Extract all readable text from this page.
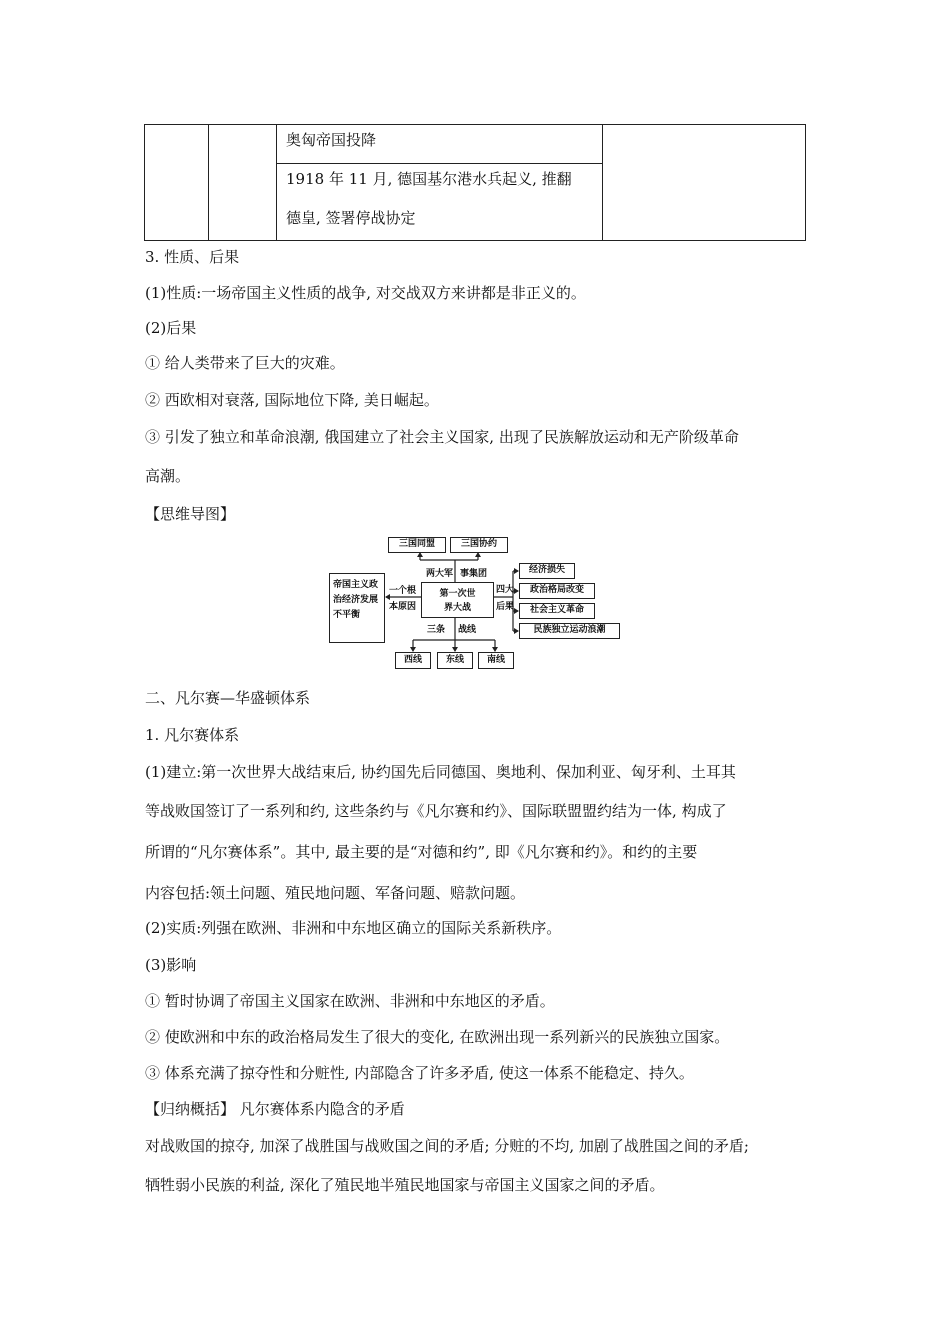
奥匈帝国投降
1918 年 11 月, 德国基尔港水兵起义, 推翻
德皇, 签署停战协定
3. 性质、后果
(1)性质:一场帝国主义性质的战争, 对交战双方来讲都是非正义的。
(2)后果
① 给人类带来了巨大的灾难。
② 西欧相对衰落, 国际地位下降, 美日崛起。
③ 引发了独立和革命浪潮, 俄国建立了社会主义国家, 出现了民族解放运动和无产阶级革命
高潮。
【思维导图】
三国同盟	三国协约
帝国主义政治经济发展不平衡
第一次世
界大战
两大军 事集团
一个根
本原因
四大
后果
三条 战线
经济损失
政治格局改变
社会主义革命
民族独立运动浪潮
西线	东线	南线
二、凡尔赛—华盛顿体系
1. 凡尔赛体系
(1)建立:第一次世界大战结束后, 协约国先后同德国、奥地利、保加利亚、匈牙利、土耳其
等战败国签订了一系列和约, 这些条约与《凡尔赛和约》、国际联盟盟约结为一体, 构成了
所谓的“凡尔赛体系”。其中, 最主要的是“对德和约”, 即《凡尔赛和约》。和约的主要
内容包括:领土问题、殖民地问题、军备问题、赔款问题。
(2)实质:列强在欧洲、非洲和中东地区确立的国际关系新秩序。
(3)影响
① 暂时协调了帝国主义国家在欧洲、非洲和中东地区的矛盾。
② 使欧洲和中东的政治格局发生了很大的变化, 在欧洲出现一系列新兴的民族独立国家。
③ 体系充满了掠夺性和分赃性, 内部隐含了许多矛盾, 使这一体系不能稳定、持久。
【归纳概括】 凡尔赛体系内隐含的矛盾
对战败国的掠夺, 加深了战胜国与战败国之间的矛盾; 分赃的不均, 加剧了战胜国之间的矛盾;
牺牲弱小民族的利益, 深化了殖民地半殖民地国家与帝国主义国家之间的矛盾。
